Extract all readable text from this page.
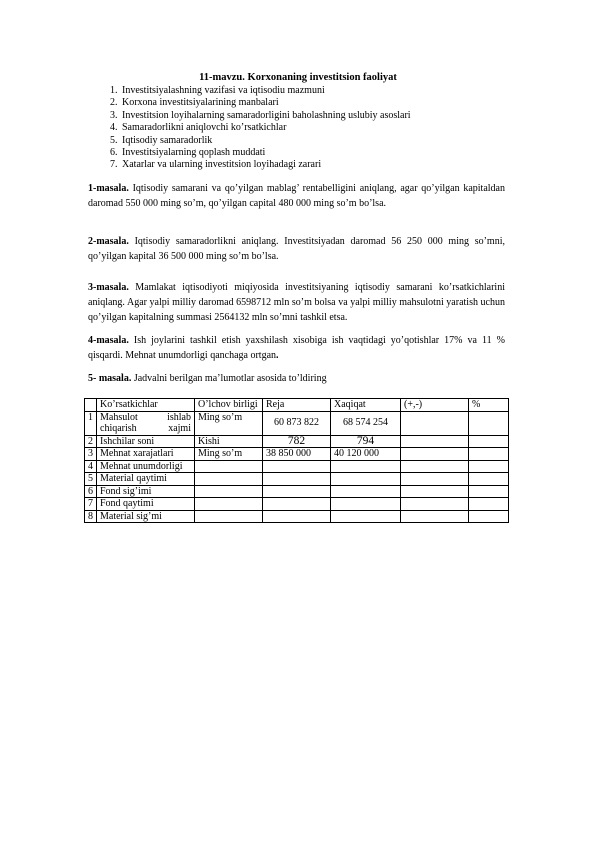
11-mavzu. Korxonaning investitsion faoliyat
1. Investitsiyalashning vazifasi va iqtisodiu mazmuni
2. Korxona investitsiyalarining manbalari
3. Investitsion loyihalarning samaradorligini baholashning uslubiy asoslari
4. Samaradorlikni aniqlovchi ko’rsatkichlar
5. Iqtisodiy samaradorlik
6. Investitsiyalarning qoplash muddati
7. Xatarlar va ularning investitsion loyihadagi zarari

1-masala. Iqtisodiy samarani va qo’yilgan mablag’ rentabelligini aniqlang, agar qo’yilgan kapitaldan daromad 550 000 ming so’m, qo’yilgan capital 480 000 ming so’m bo’lsa.

2-masala. Iqtisodiy samaradorlikni aniqlang. Investitsiyadan daromad 56 250 000 ming so’mni, qo’yilgan kapital 36 500 000 ming so’m bo’lsa.

3-masala. Mamlakat iqtisodiyoti miqiyosida investitsiyaning iqtisodiy samarani ko’rsatkichlarini aniqlang. Agar yalpi milliy daromad 6598712 mln so’m bolsa va yalpi milliy mahsulotni yaratish uchun qo’yilgan kapitalning summasi 2564132 mln so’mni tashkil etsa.

4-masala. Ish joylarini tashkil etish yaxshilash xisobiga ish vaqtidagi yo’qotishlar 17% va 11 % qisqardi. Mehnat unumdorligi qanchaga ortgan.

5- masala. Jadvalni berilgan ma’lumotlar asosida to’ldiring

	Ko’rsatkichlar	O’lchov birligi	Reja	Xaqiqat	(+,-)	%
1	Mahsulot ishlab chiqarish xajmi	Ming so’m	60 873 822	68 574 254		
2	Ishchilar soni	Kishi	782	794		
3	Mehnat xarajatlari	Ming so’m	38 850 000	40 120 000		
4	Mehnat unumdorligi					
5	Material qaytimi					
6	Fond sig’imi					
7	Fond qaytimi					
8	Material sig’mi					
